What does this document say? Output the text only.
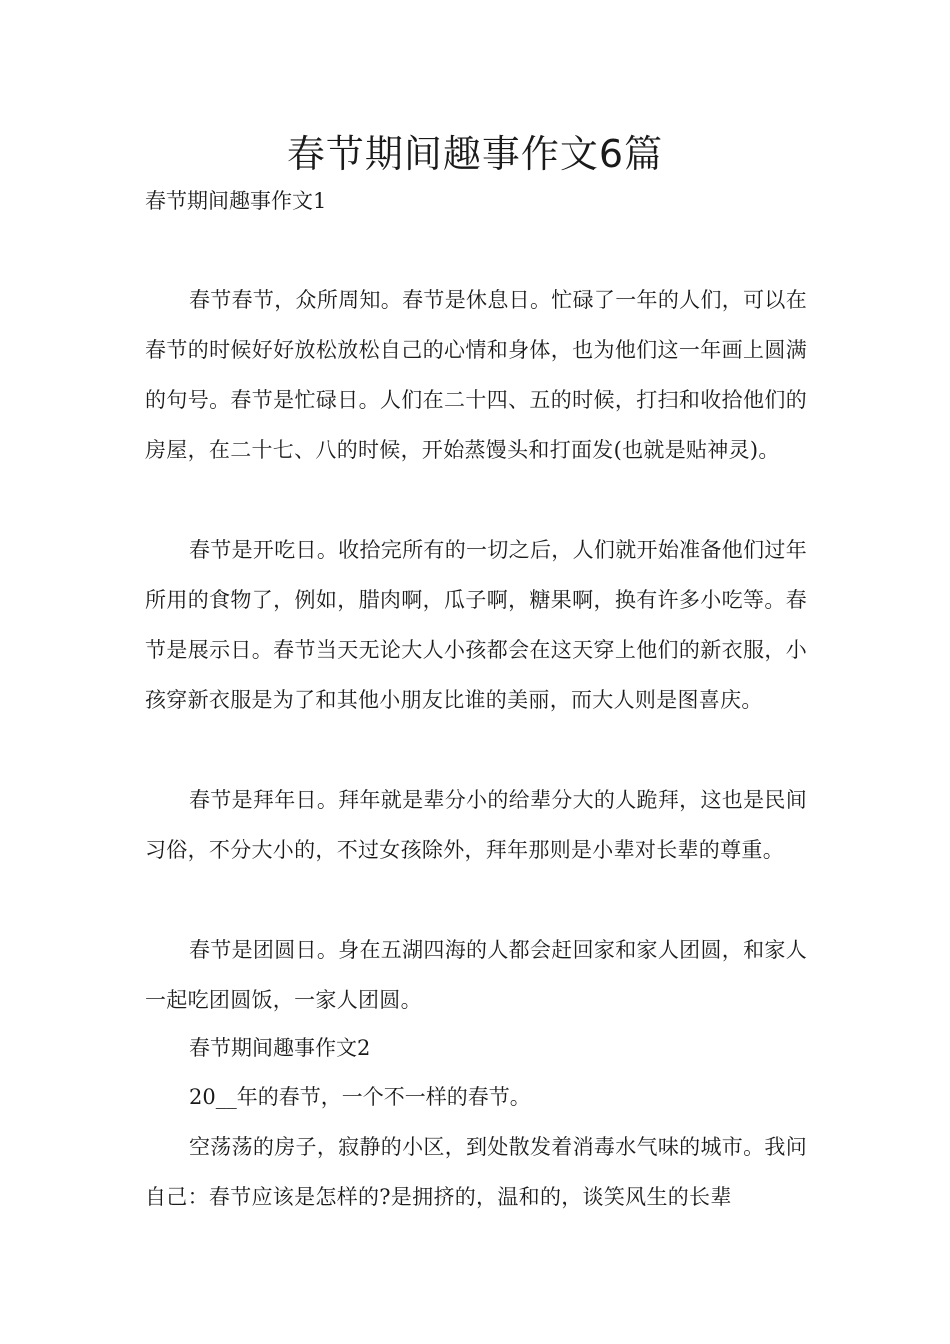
春节期间趣事作文6篇
春节期间趣事作文1

春节春节，众所周知。春节是休息日。忙碌了一年的人们，可以在春节的时候好好放松放松自己的心情和身体，也为他们这一年画上圆满的句号。春节是忙碌日。人们在二十四、五的时候，打扫和收拾他们的房屋，在二十七、八的时候，开始蒸馒头和打面发(也就是贴神灵)。

春节是开吃日。收拾完所有的一切之后，人们就开始准备他们过年所用的食物了，例如，腊肉啊，瓜子啊，糖果啊，换有许多小吃等。春节是展示日。春节当天无论大人小孩都会在这天穿上他们的新衣服，小孩穿新衣服是为了和其他小朋友比谁的美丽，而大人则是图喜庆。

春节是拜年日。拜年就是辈分小的给辈分大的人跪拜，这也是民间习俗，不分大小的，不过女孩除外，拜年那则是小辈对长辈的尊重。

春节是团圆日。身在五湖四海的人都会赶回家和家人团圆，和家人一起吃团圆饭，一家人团圆。

春节期间趣事作文2

20__年的春节，一个不一样的春节。

空荡荡的房子，寂静的小区，到处散发着消毒水气味的城市。我问自己：春节应该是怎样的?是拥挤的，温和的，谈笑风生的长辈
